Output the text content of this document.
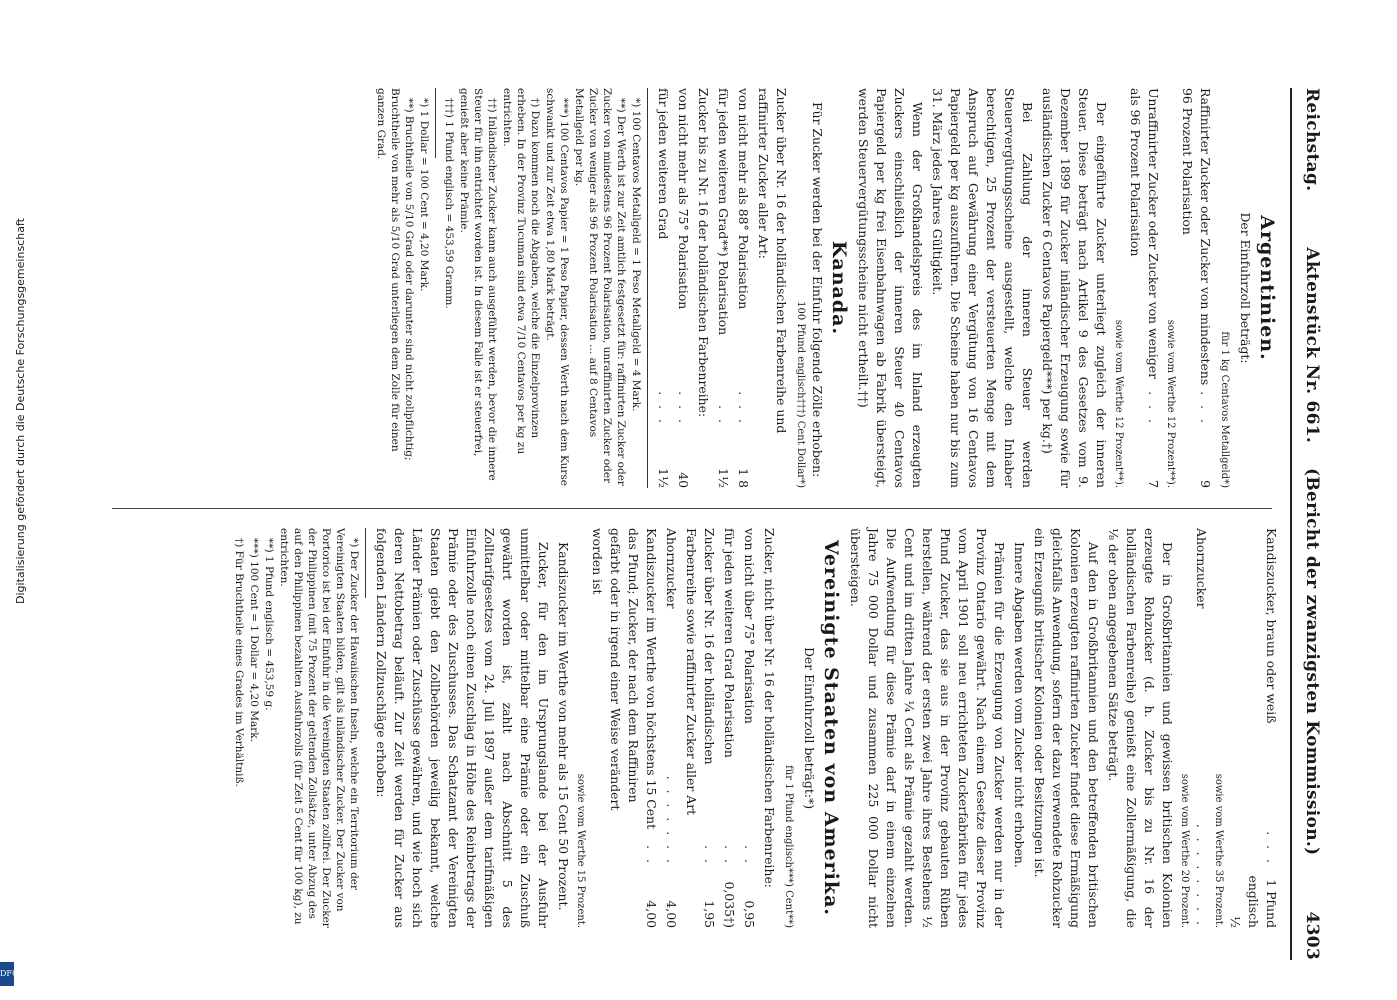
Reichstag.
Aktenstück Nr. 661.    (Bericht der zwanzigsten Kommission.)
4303
Argentinien.
Der Einfuhrzoll beträgt:
für 1 kg Centavos Metallgeld*)
Raffinirter Zucker oder Zucker von mindestens 96 Prozent Polarisation
. . .
9
sowie vom Werthe 12 Prozent**).
Unraffinirter Zucker oder Zucker von weniger als 96 Prozent Polarisation
. . .
7
sowie vom Werthe 12 Prozent**).

Der eingeführte Zucker unterliegt zugleich der inneren Steuer. Diese beträgt nach Artikel 9 des Gesetzes vom 9. Dezember 1899 für Zucker inländischer Erzeugung sowie für ausländischen Zucker 6 Centavos Papiergeld***) per kg.†)

Bei Zahlung der inneren Steuer werden Steuervergütungsscheine ausgestellt, welche den Inhaber berechtigen, 25 Prozent der versteuerten Menge mit dem Anspruch auf Gewährung einer Vergütung von 16 Centavos Papiergeld per kg auszuführen. Die Scheine haben nur bis zum 31. März jedes Jahres Gültigkeit.

Wenn der Großhandelspreis des im Inland erzeugten Zuckers einschließlich der inneren Steuer 40 Centavos Papiergeld per kg frei Eisenbahnwagen ab Fabrik übersteigt, werden Steuervergütungsscheine nicht ertheilt.††)

Kanada.

Für Zucker werden bei der Einfuhr folgende Zölle erhoben:

100 Pfund englisch†††) Cent Dollar*)
Zucker über Nr. 16 der holländischen Farbenreihe und raffinirter Zucker aller Art:
von nicht mehr als 88° Polarisation
. . .
1 8
für jeden weiteren Grad**) Polarisation
. .
1½
Zucker bis zu Nr. 16 der holländischen Farbenreihe:
von nicht mehr als 75° Polarisation
. . .
40
für jeden weiteren Grad
. . .
1½
*) 100 Centavos Metallgeld = 1 Peso Metallgeld = 4 Mark.
**) Der Werth ist zur Zeit amtlich festgesetzt für: raffinirten Zucker oder Zucker von mindestens 96 Prozent Polarisation, unraffinirten Zucker oder Zucker von weniger als 96 Prozent Polarisation … auf 8 Centavos Metallgeld per kg.
***) 100 Centavos Papier = 1 Peso Papier, dessen Werth nach dem Kurse schwankt und zur Zeit etwa 1,80 Mark beträgt.
†) Dazu kommen noch die Abgaben, welche die Einzelprovinzen erheben. In der Provinz Tucuman sind etwa 7/10 Centavos per kg zu entrichten.
††) Inländischer Zucker kann auch ausgeführt werden, bevor die innere Steuer für ihn entrichtet worden ist. In diesem Falle ist er steuerfrei, genießt aber keine Prämie.
†††) 1 Pfund englisch = 453,59 Gramm.
*) 1 Dollar = 100 Cent = 4,20 Mark.
**) Bruchtheile von 5/10 Grad oder darunter sind nicht zollpflichtig; Bruchtheile von mehr als 5/10 Grad unterliegen dem Zolle für einen ganzen Grad.
Kandiszucker, braun oder weiß
. . .
1 Pfund englisch ½
sowie vom Werthe 35 Prozent.
Ahornzucker
. . . . . . . .
sowie vom Werthe 20 Prozent.

Der in Großbritannien und gewissen britischen Kolonien erzeugte Rohzucker (d. h. Zucker bis zu Nr. 16 der holländischen Farbenreihe) genießt eine Zollermäßigung, die ⅛ der oben angegebenen Sätze beträgt.

Auf den in Großbritannien und den betreffenden britischen Kolonien erzeugten raffinirten Zucker findet diese Ermäßigung gleichfalls Anwendung, sofern der dazu verwendete Rohzucker ein Erzeugniß britischer Kolonien oder Besitzungen ist.

Innere Abgaben werden vom Zucker nicht erhoben.

Prämien für die Erzeugung von Zucker werden nur in der Provinz Ontario gewährt. Nach einem Gesetze dieser Provinz vom April 1901 soll neu errichteten Zuckerfabriken für jedes Pfund Zucker, das sie aus in der Provinz gebauten Rüben herstellen, während der ersten zwei Jahre ihres Bestehens ½ Cent und im dritten Jahre ¼ Cent als Prämie gezahlt werden. Die Aufwendung für diese Prämie darf in einem einzelnen Jahre 75 000 Dollar und zusammen 225 000 Dollar nicht übersteigen.

Vereinigte Staaten von Amerika.
Der Einfuhrzoll beträgt:*)
für 1 Pfund englisch***) Cent**)
Zucker, nicht über Nr. 16 der holländischen Farbenreihe:
von nicht über 75° Polarisation
. .
0,95
für jeden weiteren Grad Polarisation
. .
0,035†)
Zucker über Nr. 16 der holländischen Farbenreihe sowie raffinirter Zucker aller Art
. .
1,95
Ahornzucker
. . . . . . .
4,00
Kandiszucker im Werthe von höchstens 15 Cent das Pfund; Zucker, der nach dem Raffiniren gefärbt oder in irgend einer Weise verändert worden ist
. .
4,00
sowie vom Werthe 15 Prozent.

Kandiszucker im Werthe von mehr als 15 Cent 50 Prozent.

Zucker, für den im Ursprungslande bei der Ausfuhr unmittelbar oder mittelbar eine Prämie oder ein Zuschuß gewährt worden ist, zahlt nach Abschnitt 5 des Zolltarifgesetzes vom 24. Juli 1897 außer dem tarifmäßigen Einfuhrzolle noch einen Zuschlag in Höhe des Reinbetrags der Prämie oder des Zuschusses. Das Schatzamt der Vereinigten Staaten giebt den Zollbehörden jeweilig bekannt, welche Länder Prämien oder Zuschüsse gewähren, und wie hoch sich deren Nettobetrag beläuft. Zur Zeit werden für Zucker aus folgenden Ländern Zollzuschläge erhoben:

*) Der Zucker der Hawaiischen Inseln, welche ein Territorium der Vereinigten Staaten bilden, gilt als inländischer Zucker. Der Zucker von Portorico ist bei der Einfuhr in die Vereinigten Staaten zollfrei. Der Zucker der Philippinen (mit 75 Prozent der geltenden Zollsätze, unter Abzug des auf den Philippinen bezahlten Ausfuhrzolls (für Zeit 5 Cent für 100 kg), zu entrichten.
**) 1 Pfund englisch = 453,59 g.
***) 100 Cent = 1 Dollar = 4,20 Mark.
†) Für Bruchtheile eines Grades im Verhältniß.
Digitalisierung gefördert durch die Deutsche Forschungsgemeinschaft
DFG
